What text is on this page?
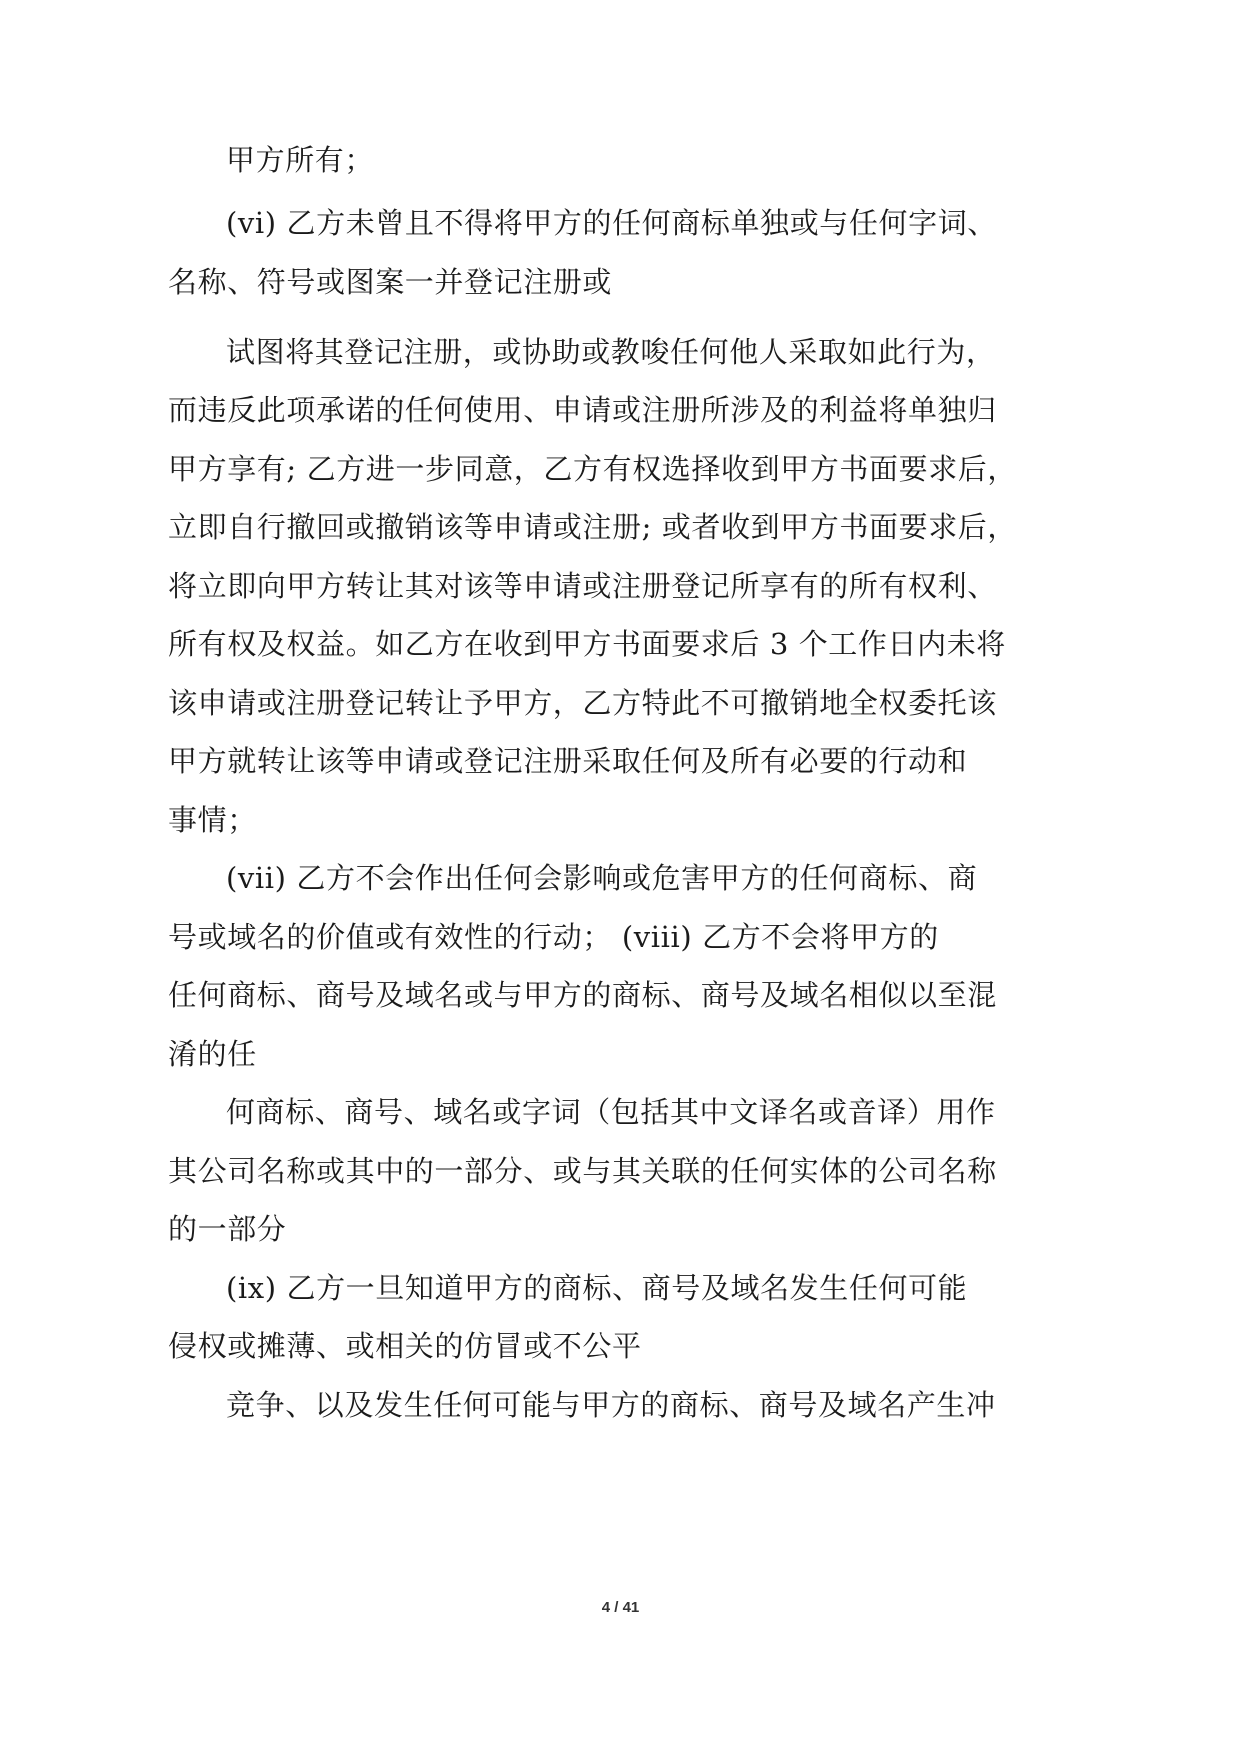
甲方所有；
(vi) 乙方未曾且不得将甲方的任何商标单独或与任何字词、
名称、符号或图案一并登记注册或
试图将其登记注册，或协助或教唆任何他人采取如此行为，
而违反此项承诺的任何使用、申请或注册所涉及的利益将单独归
甲方享有; 乙方进一步同意，乙方有权选择收到甲方书面要求后，
立即自行撤回或撤销该等申请或注册; 或者收到甲方书面要求后，
将立即向甲方转让其对该等申请或注册登记所享有的所有权利、
所有权及权益。如乙方在收到甲方书面要求后 3 个工作日内未将
该申请或注册登记转让予甲方，乙方特此不可撤销地全权委托该
甲方就转让该等申请或登记注册采取任何及所有必要的行动和
事情；
(vii) 乙方不会作出任何会影响或危害甲方的任何商标、商
号或域名的价值或有效性的行动； (viii) 乙方不会将甲方的
任何商标、商号及域名或与甲方的商标、商号及域名相似以至混
淆的任
何商标、商号、域名或字词（包括其中文译名或音译）用作
其公司名称或其中的一部分、或与其关联的任何实体的公司名称
的一部分
(ix) 乙方一旦知道甲方的商标、商号及域名发生任何可能
侵权或摊薄、或相关的仿冒或不公平
竞争、以及发生任何可能与甲方的商标、商号及域名产生冲
4 / 41
